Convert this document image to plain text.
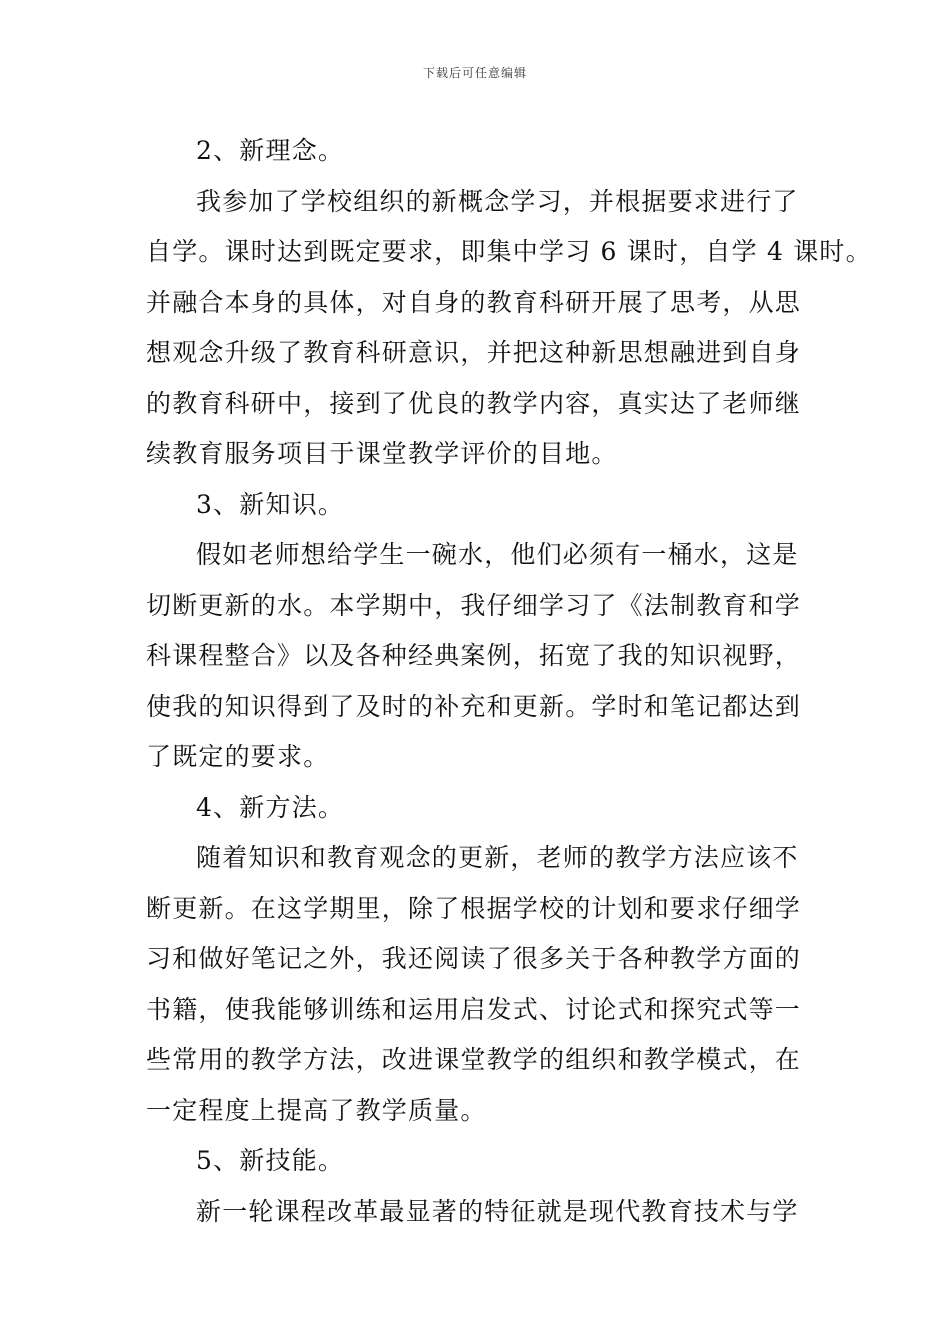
下载后可任意编辑
2、新理念。
我参加了学校组织的新概念学习，并根据要求进行了
自学。课时达到既定要求，即集中学习 6 课时，自学 4 课时。
并融合本身的具体，对自身的教育科研开展了思考，从思
想观念升级了教育科研意识，并把这种新思想融进到自身
的教育科研中，接到了优良的教学内容，真实达了老师继
续教育服务项目于课堂教学评价的目地。
3、新知识。
假如老师想给学生一碗水，他们必须有一桶水，这是
切断更新的水。本学期中，我仔细学习了《法制教育和学
科课程整合》以及各种经典案例，拓宽了我的知识视野，
使我的知识得到了及时的补充和更新。学时和笔记都达到
了既定的要求。
4、新方法。
随着知识和教育观念的更新，老师的教学方法应该不
断更新。在这学期里，除了根据学校的计划和要求仔细学
习和做好笔记之外，我还阅读了很多关于各种教学方面的
书籍，使我能够训练和运用启发式、讨论式和探究式等一
些常用的教学方法，改进课堂教学的组织和教学模式，在
一定程度上提高了教学质量。
5、新技能。
新一轮课程改革最显著的特征就是现代教育技术与学
